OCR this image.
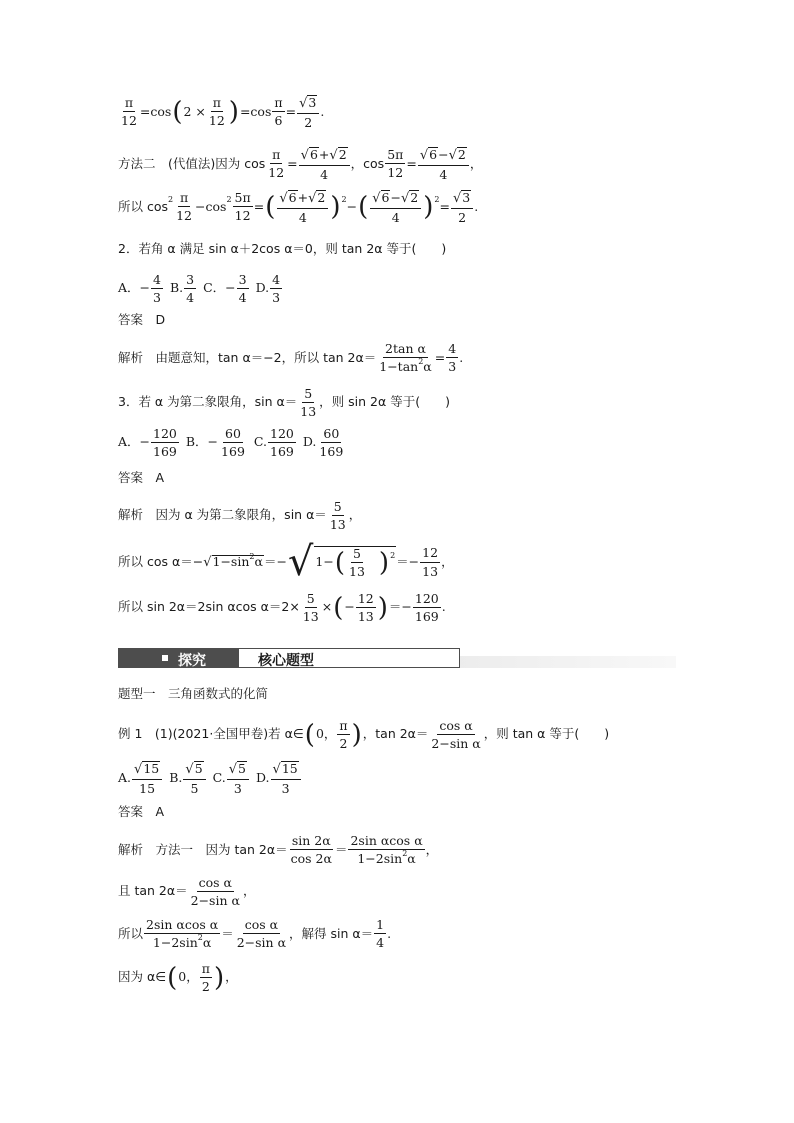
$\frac{\pi}{12} =\cos$ ( $2 \times \frac{\pi}{12}$ ) $=\cos \frac{\pi}{6} = \frac{√3}{2}$ .
方法二　(代值法)因为 $\cos \frac{\pi}{12} = \frac{√6+√2}{4}$ ，$\cos \frac{5\pi}{12} = \frac{√6-√2}{4}$ ，
所以 $\cos 2 \frac{\pi}{12} -\cos$ $2 \frac{5\pi}{12}$ = ( $\frac{√6+√2}{4}$ ) 2 − ( $\frac{√6-√2}{4}$ ) $2 = \frac{√3}{2}$ .
2．若角 α 满足 sin α＋2cos α＝0，则 tan 2α 等于(　　)
A．− $\frac{4}{3} B$. $\frac{3}{4}$ C．− $\frac{3}{4} D$. $\frac{4}{3}$
答案　D
解析　由题意知，tan α＝−2，所以 $\tan 2\alpha= \frac{\text{2tan α}}{1-\tan^2\alpha} = \frac{4}{3}$ .
3．若 α 为第二象限角，$\sin \alpha= \frac{5}{13}$ ，则 sin 2α 等于(　　)
A．− $\frac{120}{169}$ B．− $\frac{60}{169} C$. $\frac{120}{169} D$. $\frac{60}{169}$
答案　A
解析　因为 α 为第二象限角，$\sin \alpha= \frac{5}{13}$ ，
所以 cos α＝− √ $1-\sin^2\alpha$ ＝− √ 1− ( $\frac{5}{13}$ ) $2 =- \frac{12}{13}$ ，
所以 sin 2α＝2sin αcos $\alpha=2\times \frac{5}{13}$ × ( − $\frac{12}{13}$ ) ＝− $\frac{120}{169}$ .
探究	核心题型
题型一　三角函数式的化简
例 1　(1)(2021·全国甲卷)若 α∈ ( 0， $\frac{\pi}{2}$ ) ，$\tan 2\alpha= \frac{\text{cos α}}{\text{2−sin α}}$ ，则 tan α 等于(　　)
A. $\frac{√15}{15} B$. $\frac{√5}{5} C$. $\frac{√5}{3} D$. $\frac{√15}{3}$
答案　A
解析　方法一　因为 $\tan 2\alpha= \frac{\sin 2\alpha}{\cos 2\alpha} = \frac{\text{2sin αcos α}}{1-2\sin^2\alpha}$ ，
且 $\tan 2\alpha= \frac{\text{cos α}}{\text{2−sin α}}$ ，
所以 $\frac{\text{2sin αcos α}}{1-2\sin^2\alpha} = \frac{\text{cos α}}{\text{2−sin α}}$ ，解得 $\sin \alpha= \frac{1}{4}$ .
因为 α∈ ( 0， $\frac{\pi}{2}$ ) ，
